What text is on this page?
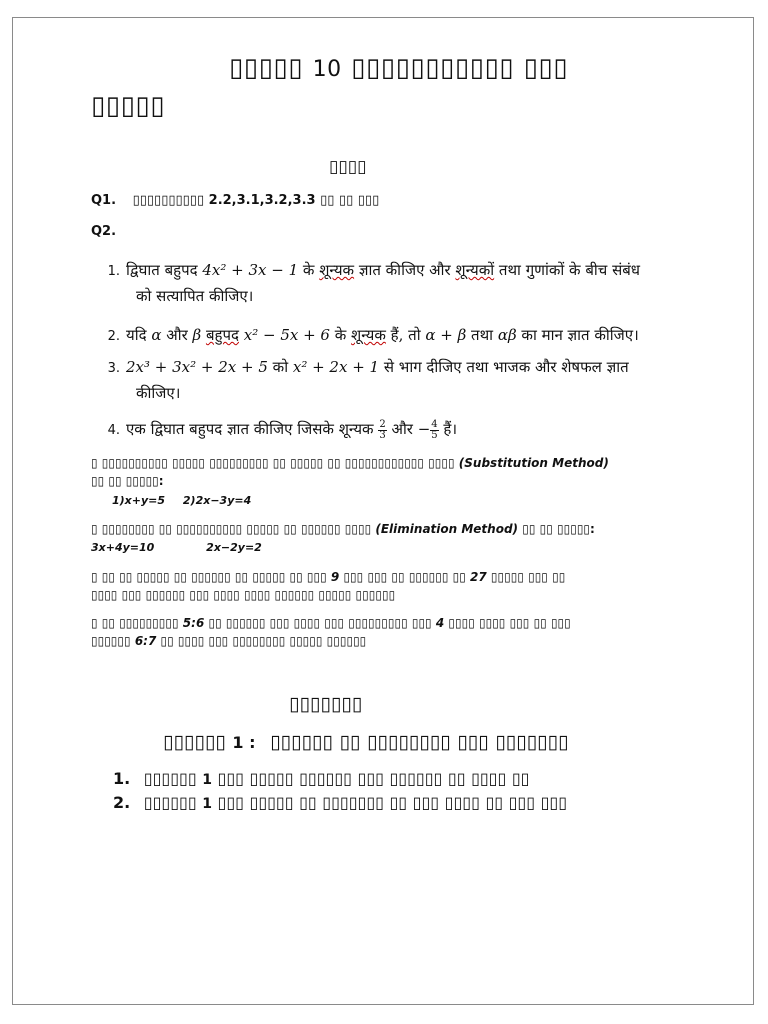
▯▯▯▯▯ 10 ▯▯▯▯▯▯▯▯▯▯▯ ▯▯▯
▯▯▯▯▯
▯▯▯▯
Q1. ▯▯▯▯▯▯▯▯▯▯ 2.2,3.1,3.2,3.3 ▯▯ ▯▯ ▯▯▯
Q2.
1. द्विघात बहुपद 4x² + 3x − 1 के शून्यक ज्ञात कीजिए और शून्यकों तथा गुणांकों के बीच संबंध
को सत्यापित कीजिए।
2. यदि α और β बहुपद x² − 5x + 6 के शून्यक हैं, तो α + β तथा αβ का मान ज्ञात कीजिए।
3. 2x³ + 3x² + 2x + 5 को x² + 2x + 1 से भाग दीजिए तथा भाजक और शेषफल ज्ञात
कीजिए।
4. एक द्विघात बहुपद ज्ञात कीजिए जिसके शून्यक $\frac{2}{3}$ और − $\frac{4}{5}$ हैं।
▯ ▯▯▯▯▯▯▯▯▯▯ ▯▯▯▯▯ ▯▯▯▯▯▯▯▯▯ ▯▯ ▯▯▯▯▯ ▯▯ ▯▯▯▯▯▯▯▯▯▯▯▯ ▯▯▯▯ (Substitution Method)
▯▯ ▯▯ ▯▯▯▯▯:
1)x+y=5 2)2x−3y=4
▯ ▯▯▯▯▯▯▯▯ ▯▯ ▯▯▯▯▯▯▯▯▯▯ ▯▯▯▯▯ ▯▯ ▯▯▯▯▯▯ ▯▯▯▯ (Elimination Method) ▯▯ ▯▯ ▯▯▯▯▯:
3x+4y=10	2x−2y=2
▯ ▯▯ ▯▯ ▯▯▯▯▯ ▯▯ ▯▯▯▯▯▯ ▯▯ ▯▯▯▯▯ ▯▯ ▯▯▯ 9 ▯▯▯ ▯▯▯ ▯▯ ▯▯▯▯▯▯ ▯▯ 27 ▯▯▯▯▯ ▯▯▯ ▯▯
▯▯▯▯ ▯▯▯ ▯▯▯▯▯▯ ▯▯▯ ▯▯▯▯ ▯▯▯▯ ▯▯▯▯▯▯ ▯▯▯▯▯ ▯▯▯▯▯▯
▯ ▯▯ ▯▯▯▯▯▯▯▯▯ 5:6 ▯▯ ▯▯▯▯▯▯ ▯▯▯ ▯▯▯▯ ▯▯▯ ▯▯▯▯▯▯▯▯▯ ▯▯▯ 4 ▯▯▯▯ ▯▯▯▯ ▯▯▯ ▯▯ ▯▯▯
▯▯▯▯▯▯ 6:7 ▯▯ ▯▯▯▯ ▯▯▯ ▯▯▯▯▯▯▯▯ ▯▯▯▯▯ ▯▯▯▯▯▯
▯▯▯▯▯▯▯
▯▯▯▯▯▯ 1 : ▯▯▯▯▯▯ ▯▯ ▯▯▯▯▯▯▯▯ ▯▯▯ ▯▯▯▯▯▯▯
1. ▯▯▯▯▯▯ 1 ▯▯▯ ▯▯▯▯▯ ▯▯▯▯▯▯ ▯▯▯ ▯▯▯▯▯▯ ▯▯ ▯▯▯▯ ▯▯
2. ▯▯▯▯▯▯ 1 ▯▯▯ ▯▯▯▯▯ ▯▯ ▯▯▯▯▯▯▯ ▯▯ ▯▯▯ ▯▯▯▯ ▯▯ ▯▯▯ ▯▯▯
